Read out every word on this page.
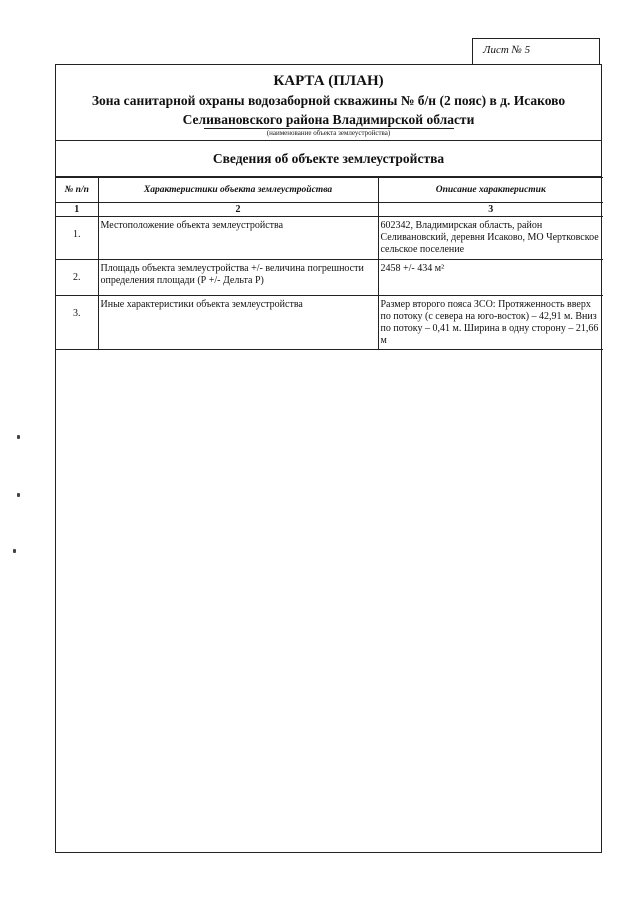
Лист № 5
КАРТА (ПЛАН)
Зона санитарной охраны водозаборной скважины № б/н (2 пояс) в д. Исаково
Селивановского района Владимирской области
(наименование объекта землеустройства)
Сведения об объекте землеустройства
№ п/п	Характеристики объекта землеустройства	Описание характеристик
1	2	3
1.	Местоположение объекта землеустройства	602342, Владимирская область, район Селивановский, деревня Исаково, МО Чертковское сельское поселение
2.	Площадь объекта землеустройства +/- величина погрешности определения площади (Р +/- Дельта Р)	2458 +/- 434 м²
3.	Иные характеристики объекта землеустройства	Размер второго пояса ЗСО: Протяженность вверх по потоку (с севера на юго-восток) – 42,91 м. Вниз по потоку – 0,41 м. Ширина в одну сторону – 21,66 м
